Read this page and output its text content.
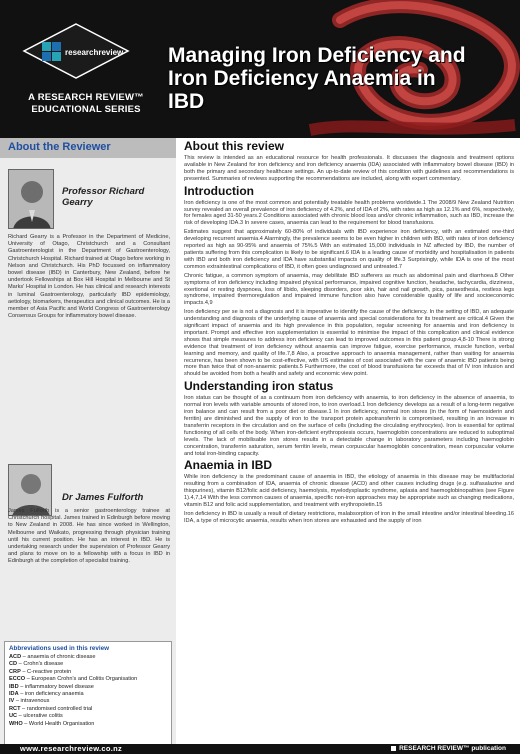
researchreview
A RESEARCH REVIEW™
EDUCATIONAL SERIES
Managing Iron Deficiency and Iron Deficiency Anaemia in IBD
About the Reviewer
Professor Richard Gearry

Richard Gearry is a Professor in the Department of Medicine, University of Otago, Christchurch and a Consultant Gastroenterologist in the Department of Gastroenterology, Christchurch Hospital. Richard trained at Otago before working in Nelson and Christchurch. His PhD focussed on inflammatory bowel disease (IBD) in Canterbury, New Zealand, before he undertook Fellowships at Box Hill Hospital in Melbourne and St Marks' Hospital in London. He has clinical and research interests in luminal Gastroenterology, particularly IBD epidemiology, aetiology, biomarkers, therapeutics and clinical outcomes. He is a member of Asia Pacific and World Congress of Gastroenterology Consensus Groups for inflammatory bowel disease.

Dr James Fulforth

James Fulforth is a senior gastroenterology trainee at Christchurch hospital. James trained in Edinburgh before moving to New Zealand in 2008. He has since worked in Wellington, Melbourne and Waikato, progressing through physician training until his current position. He has an interest in IBD. He is undertaking research under the supervision of Professor Gearry and plans to move on to a fellowship with a focus in IBD in Edinburgh at the completion of specialist training.

Abbreviations used in this review
ACD – anaemia of chronic disease
CD – Crohn's disease
CRP – C-reactive protein
ECCO – European Crohn's and Colitis Organisation
IBD – inflammatory bowel disease
IDA – iron deficiency anaemia
IV – intravenous
RCT – randomised controlled trial
UC – ulcerative colitis
WHO – World Health Organisation
About this review

This review is intended as an educational resource for health professionals. It discusses the diagnosis and treatment options available in New Zealand for iron deficiency and iron deficiency anaemia (IDA) associated with inflammatory bowel disease (IBD) in both the primary and secondary healthcare settings. An up-to-date review of this condition with guidelines and recommendations is presented. Summaries of reviews supporting the recommendations are included, along with expert commentary.

Introduction

Iron deficiency is one of the most common and potentially treatable health problems worldwide.1 The 2008/9 New Zealand Nutrition survey revealed an overall prevalence of iron deficiency of 4.2%, and of IDA of 2%, with rates as high as 12.1% and 6%, respectively, for females aged 31-50 years.2 Conditions associated with chronic blood loss and/or chronic inflammation, such as IBD, increase the risk of developing IDA.3 In severe cases, anaemia can lead to the requirement for blood transfusions.

Estimates suggest that approximately 60-80% of individuals with IBD experience iron deficiency, with an estimated one-third developing recurrent anaemia.4 Alarmingly, the prevalence seems to be even higher in children with IBD, with rates of iron deficiency reported as high as 90-95% and anaemia of 75%.5 With an estimated 15,000 individuals in NZ affected by IBD, the number of patients suffering from this complication is likely to be significant.6 IDA is a leading cause of morbidity and hospitalisation in patients with IBD and both iron deficiency and IDA have substantial impacts on quality of life.3 Surprisingly, while IDA is one of the most common extraintestinal complications of IBD, it often goes undiagnosed and untreated.7

Chronic fatigue, a common symptom of anaemia, may debilitate IBD sufferers as much as abdominal pain and diarrhoea.8 Other symptoms of iron deficiency including impaired physical performance, impaired cognitive function, headache, tachycardia, dizziness, exertional or resting dyspnoea, loss of libido, sleeping disorders, poor skin, hair and nail growth, pica, paraesthesia, restless legs syndrome, impaired thermoregulation and impaired immune function also have considerable quality of life and socioeconomic impacts.4,9

Iron deficiency per se is not a diagnosis and it is imperative to identify the cause of the deficiency. In the setting of IBD, an adequate understanding and diagnosis of the underlying cause of anaemia and special considerations for its treatment are critical.4 Given the significant impact of anaemia and its high prevalence in this population, regular screening for anaemia and iron deficiency is important. Prompt and effective iron supplementation is essential to minimise the impact of this complication and clinical evidence shows that simple measures to address iron deficiency can lead to improved outcomes in this patient group.4,8-10 There is strong evidence that treatment of iron deficiency without anaemia can improve fatigue, exercise performance, muscle function, verbal learning and memory, and quality of life.7,8 Also, a proactive approach to anaemia management, rather than waiting for anaemia recurrence, has been shown to be cost-effective, with US estimates of cost associated with the care of anaemic IBD patients being more than twice that of non-anaemic patients.5 Furthermore, the cost of blood transfusions far exceeds that of IV iron infusion and should be avoided from both a health and safety and economic view point.

Understanding iron status

Iron status can be thought of as a continuum from iron deficiency with anaemia, to iron deficiency in the absence of anaemia, to normal iron levels with variable amounts of stored iron, to iron overload.1 Iron deficiency develops as a result of a long-term negative iron balance and can result from a poor diet or disease.1 In iron deficiency, normal iron stores (in the form of haemosiderin and ferritin) are diminished and the supply of iron to the transport protein apotransferrin is compromised, resulting in an increase in transferrin receptors in the circulation and on the surface of cells (including the circulating erythrocytes). Iron is essential for optimal functioning of all cells of the body. When iron-deficient erythropoiesis occurs, haemoglobin concentrations are reduced to suboptimal levels. The lack of mobilisable iron stores results in a detectable change in laboratory parameters including haemoglobin concentration, transferrin saturation, serum ferritin levels, mean corpuscular haemoglobin concentration, mean corpuscular volume and total iron-binding capacity.

Anaemia in IBD

While iron deficiency is the predominant cause of anaemia in IBD, the etiology of anaemia in this disease may be multifactorial resulting from a combination of IDA, anaemia of chronic disease (ACD) and other causes including drugs (e.g. sulfasalazine and thiopurines), vitamin B12/folic acid deficiency, haemolysis, myelodysplastic syndrome, aplasia and haemoglobinopathies (see Figure 1).4,7,14 With the less common causes of anaemia, specific non-iron approaches may be appropriate such as changing medications, vitamin B12 and folic acid supplementation, and treatment with erythropoietin.15

Iron deficiency in IBD is usually a result of dietary restrictions, malabsorption of iron in the small intestine and/or intestinal bleeding.16 IDA, a type of microcytic anaemia, results when iron stores are exhausted and the supply of iron

www.researchreview.co.nz	RESEARCH REVIEW™ publication
